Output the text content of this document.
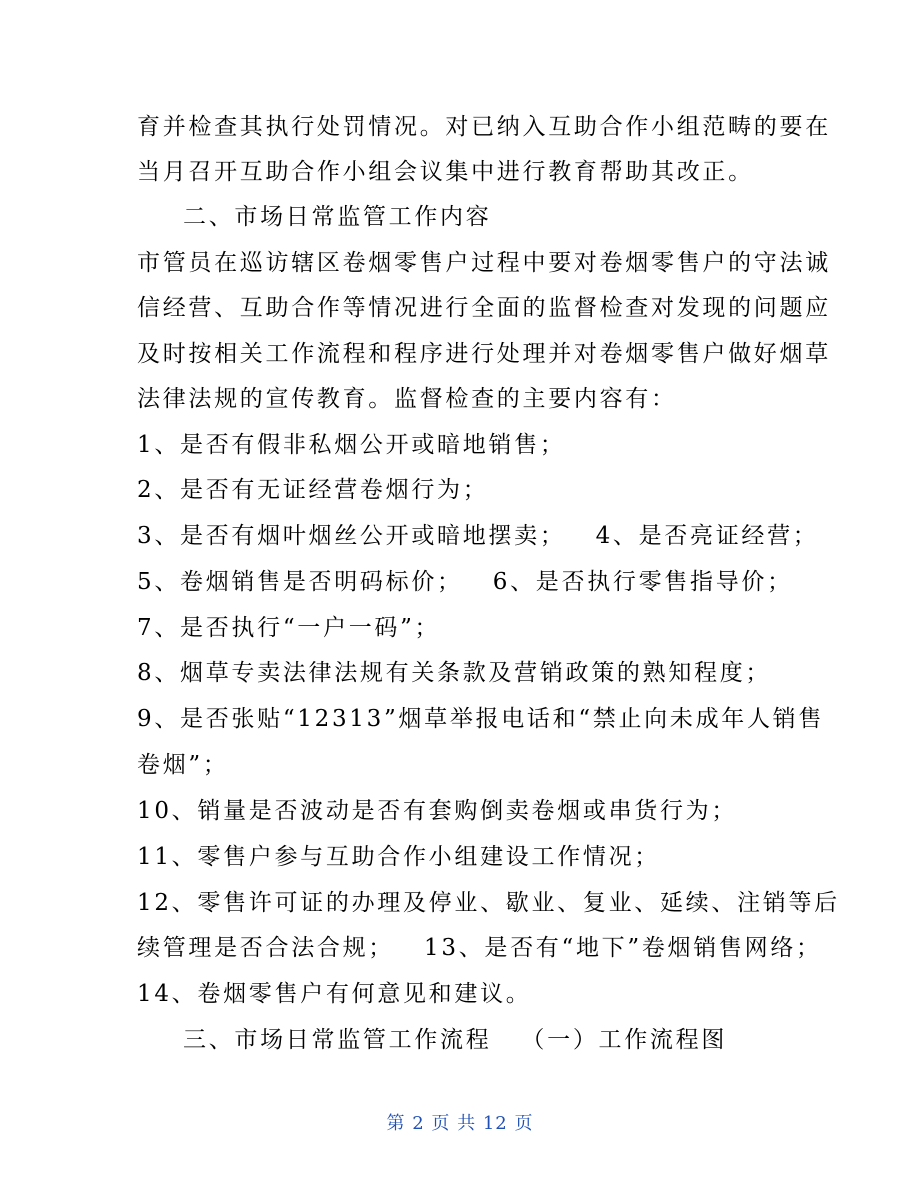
育并检查其执行处罚情况。对已纳入互助合作小组范畴的要在
当月召开互助合作小组会议集中进行教育帮助其改正。
二、市场日常监管工作内容
市管员在巡访辖区卷烟零售户过程中要对卷烟零售户的守法诚
信经营、互助合作等情况进行全面的监督检查对发现的问题应
及时按相关工作流程和程序进行处理并对卷烟零售户做好烟草
法律法规的宣传教育。监督检查的主要内容有：
1、是否有假非私烟公开或暗地销售；
2、是否有无证经营卷烟行为；
3、是否有烟叶烟丝公开或暗地摆卖；   4、是否亮证经营；
5、卷烟销售是否明码标价；   6、是否执行零售指导价；
7、是否执行“一户一码”；
8、烟草专卖法律法规有关条款及营销政策的熟知程度；
9、是否张贴“12313”烟草举报电话和“禁止向未成年人销售
卷烟”；
10、销量是否波动是否有套购倒卖卷烟或串货行为；
11、零售户参与互助合作小组建设工作情况；
12、零售许可证的办理及停业、歇业、复业、延续、注销等后
续管理是否合法合规；   13、是否有“地下”卷烟销售网络；
14、卷烟零售户有何意见和建议。
三、市场日常监管工作流程   （一）工作流程图
第 2 页 共 12 页
